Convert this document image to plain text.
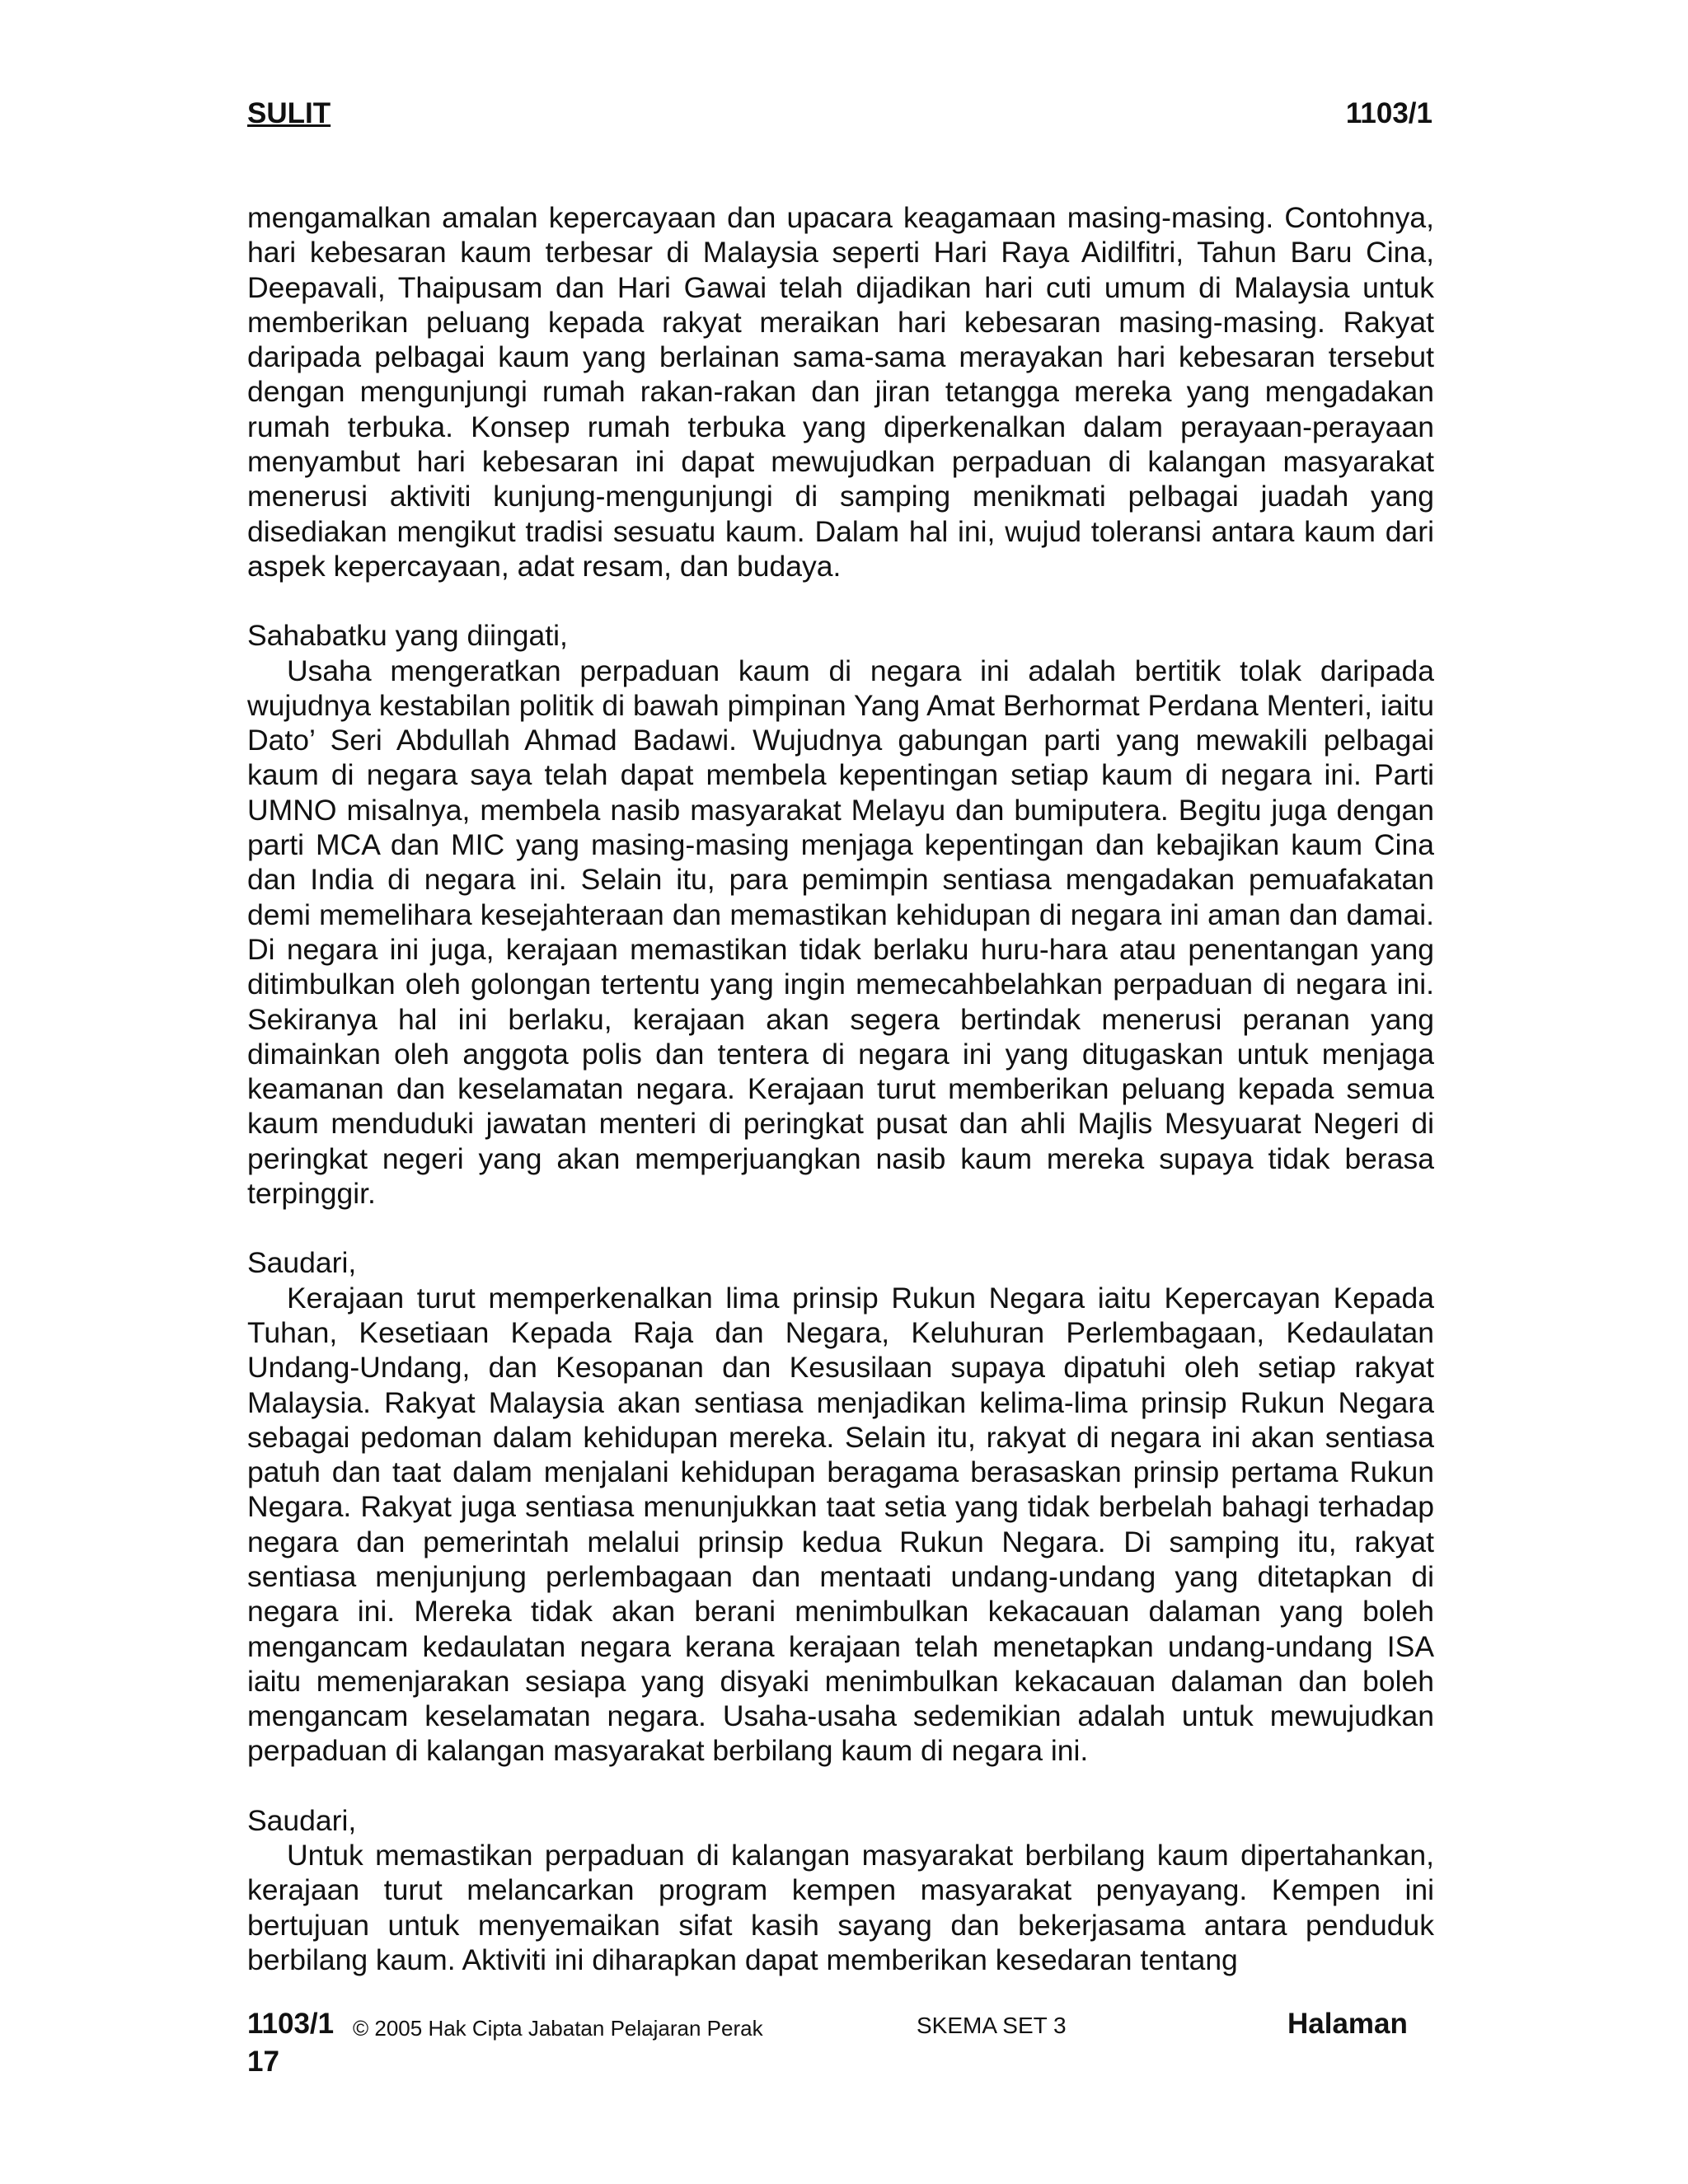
SULIT	1103/1

mengamalkan amalan kepercayaan dan upacara keagamaan masing-masing. Contohnya, hari kebesaran kaum terbesar di Malaysia seperti Hari Raya Aidilfitri, Tahun Baru Cina, Deepavali, Thaipusam dan Hari Gawai telah dijadikan hari cuti umum di Malaysia untuk memberikan peluang kepada rakyat meraikan hari kebesaran masing-masing. Rakyat daripada pelbagai kaum yang berlainan sama-sama merayakan hari kebesaran tersebut dengan mengunjungi rumah rakan-rakan dan jiran tetangga mereka yang mengadakan rumah terbuka. Konsep rumah terbuka yang diperkenalkan dalam perayaan-perayaan menyambut hari kebesaran ini dapat mewujudkan perpaduan di kalangan masyarakat menerusi aktiviti kunjung-mengunjungi di samping menikmati pelbagai juadah yang disediakan mengikut tradisi sesuatu kaum. Dalam hal ini, wujud toleransi antara kaum dari aspek kepercayaan, adat resam, dan budaya.

Sahabatku yang diingati,

Usaha mengeratkan perpaduan kaum di negara ini adalah bertitik tolak daripada wujudnya kestabilan politik di bawah pimpinan Yang Amat Berhormat Perdana Menteri, iaitu Dato’ Seri Abdullah Ahmad Badawi. Wujudnya gabungan parti yang mewakili pelbagai kaum di negara saya telah dapat membela kepentingan setiap kaum di negara ini. Parti UMNO misalnya, membela nasib masyarakat Melayu dan bumiputera. Begitu juga dengan parti MCA dan MIC yang masing-masing menjaga kepentingan dan kebajikan kaum Cina dan India di negara ini. Selain itu, para pemimpin sentiasa mengadakan pemuafakatan demi memelihara kesejahteraan dan memastikan kehidupan di negara ini aman dan damai. Di negara ini juga, kerajaan memastikan tidak berlaku huru-hara atau penentangan yang ditimbulkan oleh golongan tertentu yang ingin memecahbelahkan perpaduan di negara ini. Sekiranya hal ini berlaku, kerajaan akan segera bertindak menerusi peranan yang dimainkan oleh anggota polis dan tentera di negara ini yang ditugaskan untuk menjaga keamanan dan keselamatan negara. Kerajaan turut memberikan peluang kepada semua kaum menduduki jawatan menteri di peringkat pusat dan ahli Majlis Mesyuarat Negeri di peringkat negeri yang akan memperjuangkan nasib kaum mereka supaya tidak berasa terpinggir.

Saudari,

Kerajaan turut memperkenalkan lima prinsip Rukun Negara iaitu Kepercayan Kepada Tuhan, Kesetiaan Kepada Raja dan Negara, Keluhuran Perlembagaan, Kedaulatan Undang-Undang, dan Kesopanan dan Kesusilaan supaya dipatuhi oleh setiap rakyat Malaysia. Rakyat Malaysia akan sentiasa menjadikan kelima-lima prinsip Rukun Negara sebagai pedoman dalam kehidupan mereka. Selain itu, rakyat di negara ini akan sentiasa patuh dan taat dalam menjalani kehidupan beragama berasaskan prinsip pertama Rukun Negara. Rakyat juga sentiasa menunjukkan taat setia yang tidak berbelah bahagi terhadap negara dan pemerintah melalui prinsip kedua Rukun Negara. Di samping itu, rakyat sentiasa menjunjung perlembagaan dan mentaati undang-undang yang ditetapkan di negara ini. Mereka tidak akan berani menimbulkan kekacauan dalaman yang boleh mengancam kedaulatan negara kerana kerajaan telah menetapkan undang-undang ISA iaitu memenjarakan sesiapa yang disyaki menimbulkan kekacauan dalaman dan boleh mengancam keselamatan negara. Usaha-usaha sedemikian adalah untuk mewujudkan perpaduan di kalangan masyarakat berbilang kaum di negara ini.

Saudari,

Untuk memastikan perpaduan di kalangan masyarakat berbilang kaum dipertahankan, kerajaan turut melancarkan program kempen masyarakat penyayang. Kempen ini bertujuan untuk menyemaikan sifat kasih sayang dan bekerjasama antara penduduk berbilang kaum. Aktiviti ini diharapkan dapat memberikan kesedaran tentang

1103/1 © 2005 Hak Cipta Jabatan Pelajaran Perak	SKEMA SET 3	Halaman
17
